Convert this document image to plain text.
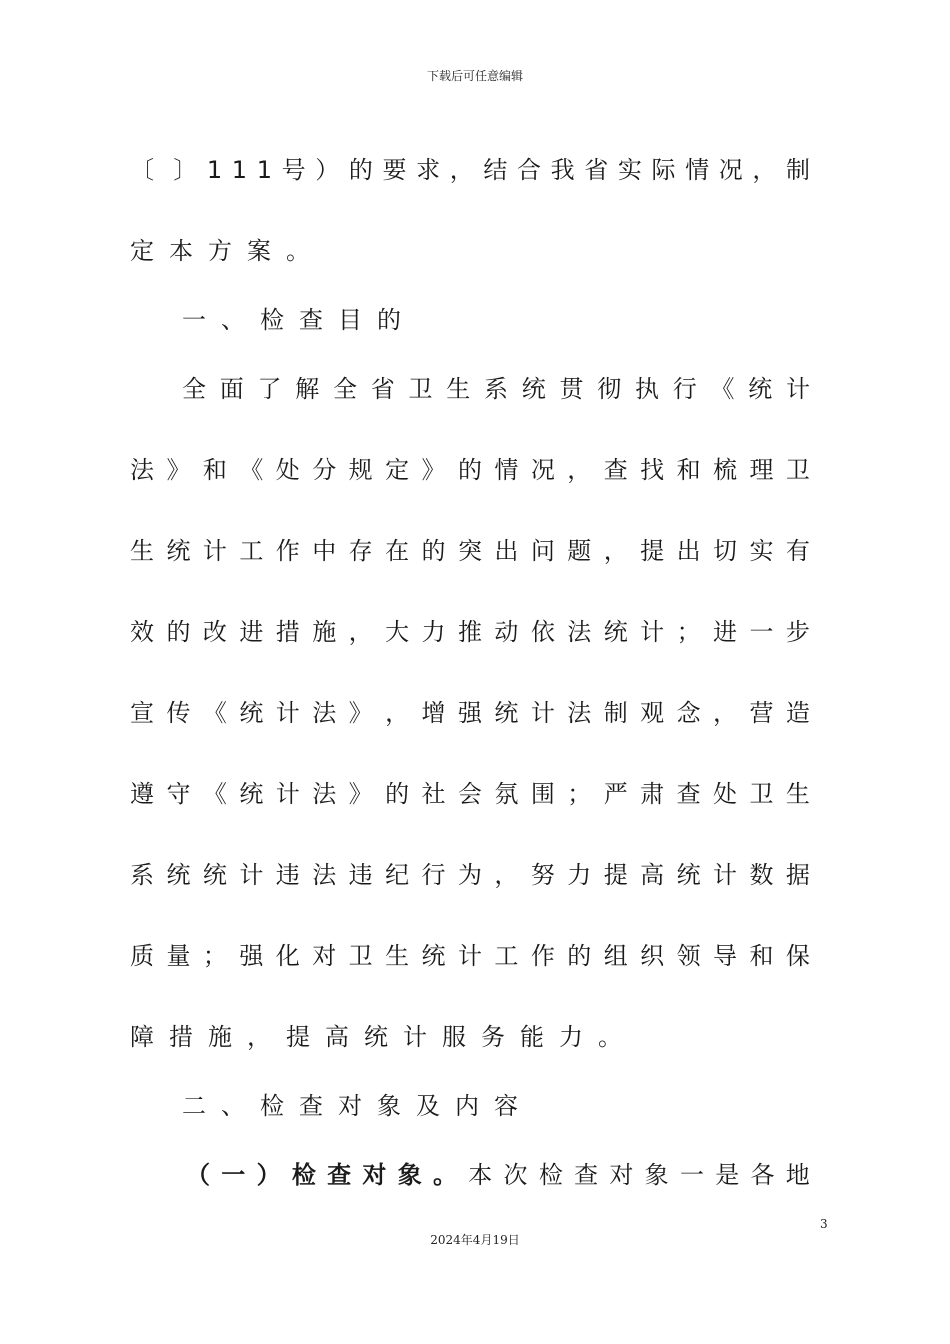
下载后可任意编辑
〔 〕 1 1 1 号 ） 的 要 求 ， 结 合 我 省 实 际 情 况 ， 制
定本方案。
一、检查目的
全 面 了 解 全 省 卫 生 系 统 贯 彻 执 行 《 统 计
法 》 和 《 处 分 规 定 》 的 情 况 ， 查 找 和 梳 理 卫
生 统 计 工 作 中 存 在 的 突 出 问 题 ， 提 出 切 实 有
效 的 改 进 措 施 ， 大 力 推 动 依 法 统 计 ； 进 一 步
宣 传 《 统 计 法 》 ， 增 强 统 计 法 制 观 念 ， 营 造
遵 守 《 统 计 法 》 的 社 会 氛 围 ； 严 肃 查 处 卫 生
系 统 统 计 违 法 违 纪 行 为 ， 努 力 提 高 统 计 数 据
质 量 ； 强 化 对 卫 生 统 计 工 作 的 组 织 领 导 和 保
障措施，提高统计服务能力。
二、检查对象及内容
（ 一 ） 检 查 对 象 。 本 次 检 查 对 象 一 是 各 地
3
2024年4月19日
